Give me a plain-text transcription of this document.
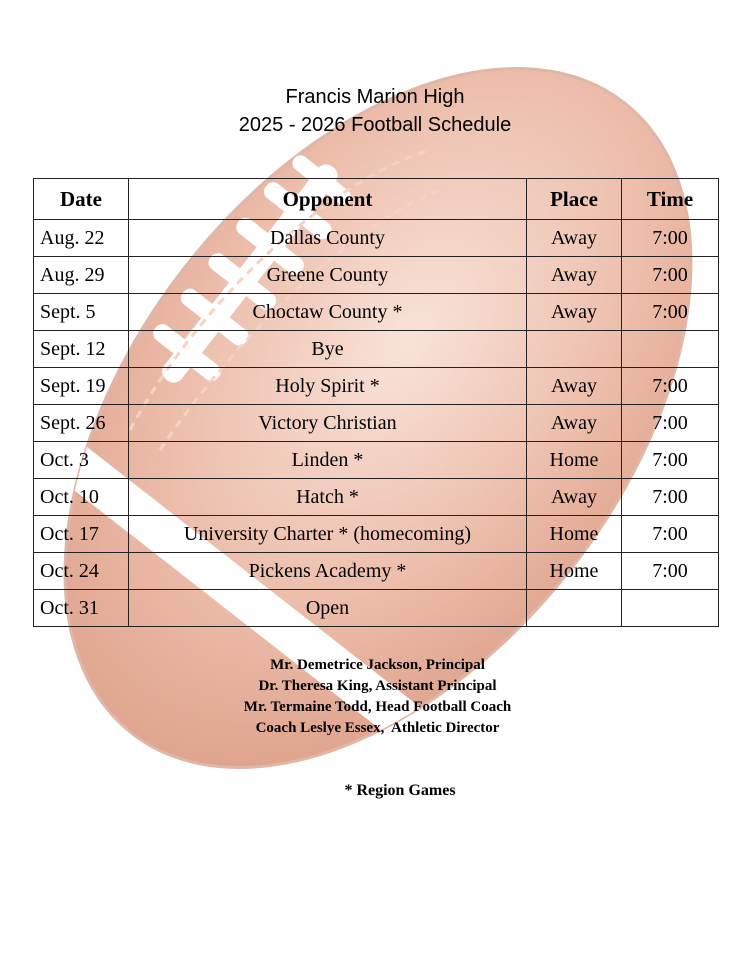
Francis Marion High
2025 - 2026 Football Schedule
Date	Opponent	Place	Time
Aug. 22	Dallas County	Away	7:00
Aug. 29	Greene County	Away	7:00
Sept. 5	Choctaw County *	Away	7:00
Sept. 12	Bye		
Sept. 19	Holy Spirit *	Away	7:00
Sept. 26	Victory Christian	Away	7:00
Oct. 3	Linden *	Home	7:00
Oct. 10	Hatch *	Away	7:00
Oct. 17	University Charter * (homecoming)	Home	7:00
Oct. 24	Pickens Academy *	Home	7:00
Oct. 31	Open		
Mr. Demetrice Jackson, Principal
Dr. Theresa King, Assistant Principal
Mr. Termaine Todd, Head Football Coach
Coach Leslye Essex,  Athletic Director
* Region Games
